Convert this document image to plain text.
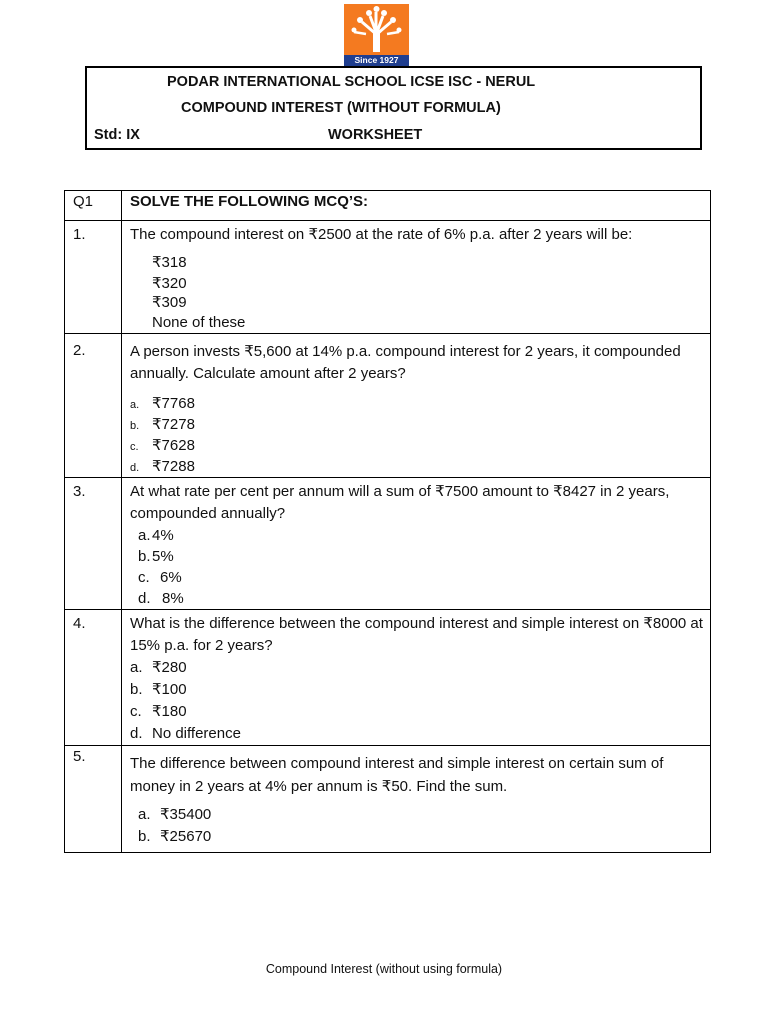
Since 1927
PODAR INTERNATIONAL SCHOOL ICSE ISC - NERUL
COMPOUND INTEREST (WITHOUT FORMULA)
Std: IX	WORKSHEET
Q1	SOLVE THE FOLLOWING MCQ’S:

1.	The compound interest on ₹2500 at the rate of 6% p.a. after 2 years will be:
₹318
₹320
₹309
None of these

2.	A person invests ₹5,600 at 14% p.a. compound interest for 2 years, it compounded annually. Calculate amount after 2 years?
a. ₹7768
b. ₹7278
c. ₹7628
d. ₹7288

3.	At what rate per cent per annum will a sum of ₹7500 amount to ₹8427 in 2 years, compounded annually?
a.4%
b.5%
c. 6%
d. 8%

4.	What is the difference between the compound interest and simple interest on ₹8000 at 15% p.a. for 2 years?
a. ₹280
b. ₹100
c. ₹180
d. No difference

5.	The difference between compound interest and simple interest on certain sum of money in 2 years at 4% per annum is ₹50. Find the sum.
a. ₹35400
b. ₹25670
Compound Interest (without using formula)
